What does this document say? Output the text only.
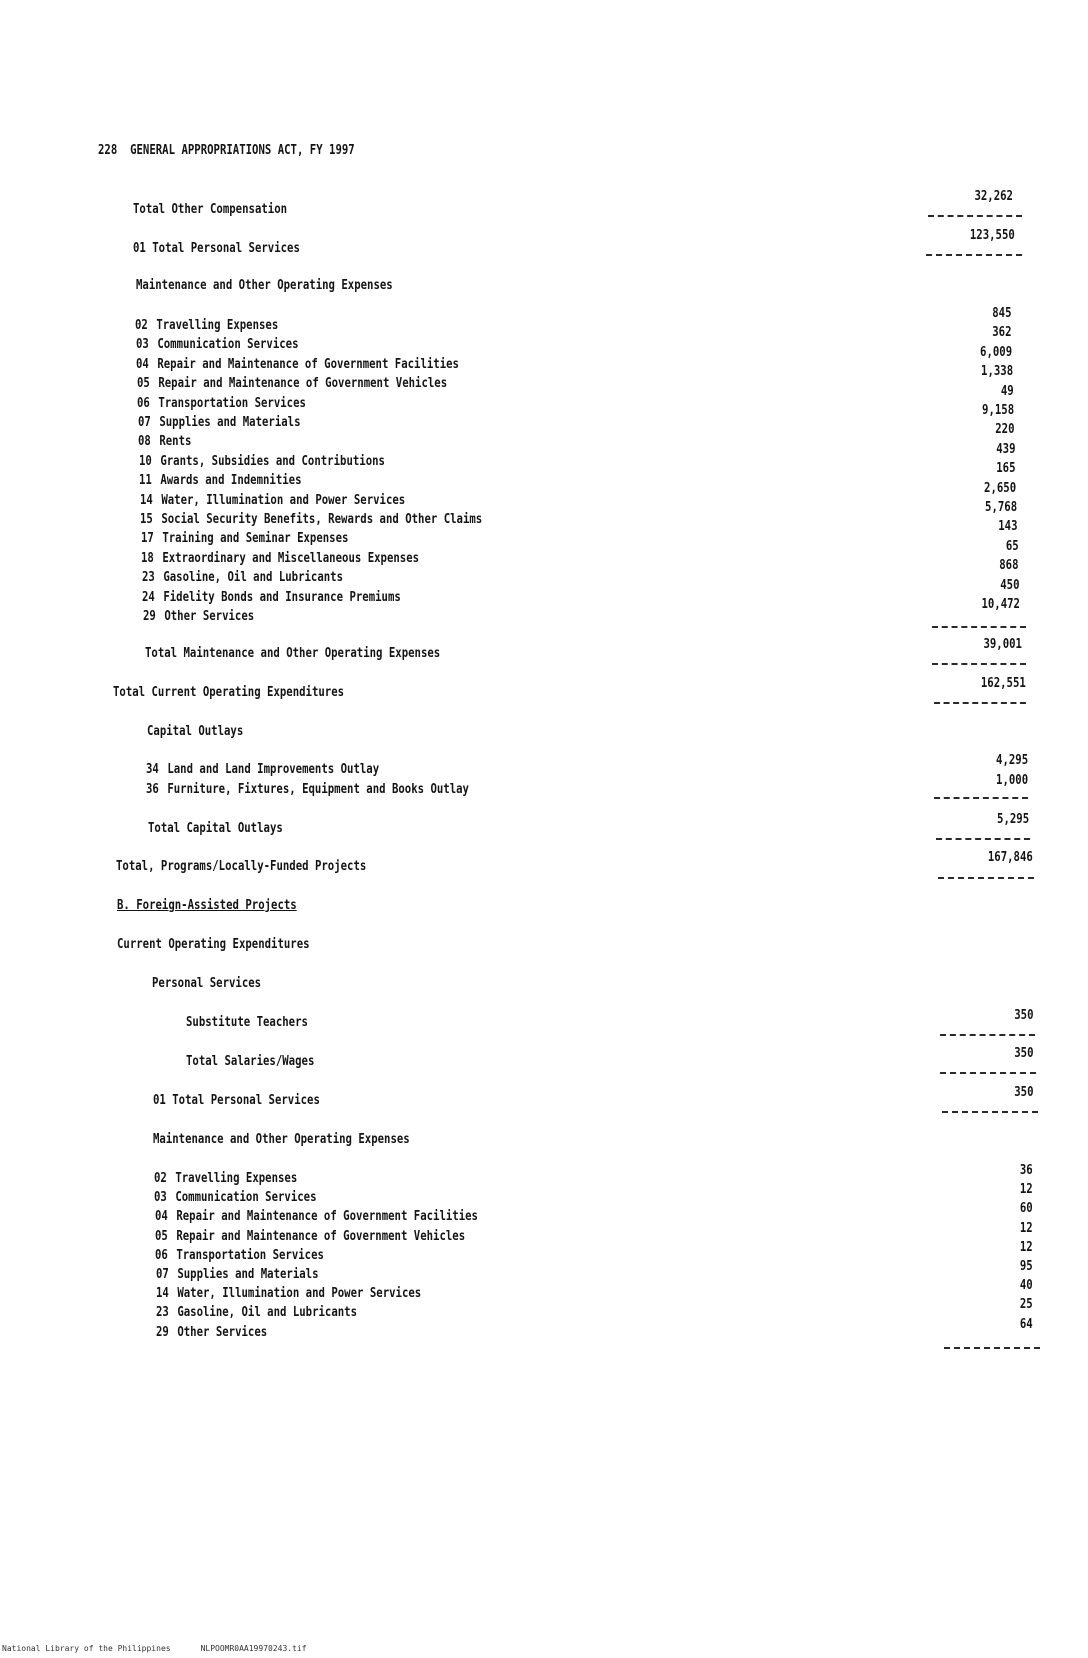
228 GENERAL APPROPRIATIONS ACT, FY 1997
Total Other Compensation
32,262
01 Total Personal Services
123,550
Maintenance and Other Operating Expenses
02 Travelling Expenses
03 Communication Services
04 Repair and Maintenance of Government Facilities
05 Repair and Maintenance of Government Vehicles
06 Transportation Services
07 Supplies and Materials
08 Rents
10 Grants, Subsidies and Contributions
11 Awards and Indemnities
14 Water, Illumination and Power Services
15 Social Security Benefits, Rewards and Other Claims
17 Training and Seminar Expenses
18 Extraordinary and Miscellaneous Expenses
23 Gasoline, Oil and Lubricants
24 Fidelity Bonds and Insurance Premiums
29 Other Services
845
362
6,009
1,338
49
9,158
220
439
165
2,650
5,768
143
65
868
450
10,472
Total Maintenance and Other Operating Expenses
39,001
Total Current Operating Expenditures
162,551
Capital Outlays
34 Land and Land Improvements Outlay
36 Furniture, Fixtures, Equipment and Books Outlay
4,295
1,000
Total Capital Outlays
5,295
Total, Programs/Locally-Funded Projects
167,846
B. Foreign-Assisted Projects
Current Operating Expenditures
Personal Services
Substitute Teachers	350
Total Salaries/Wages
350
01 Total Personal Services
350
Maintenance and Other Operating Expenses
02 Travelling Expenses
03 Communication Services
04 Repair and Maintenance of Government Facilities
05 Repair and Maintenance of Government Vehicles
06 Transportation Services
07 Supplies and Materials
14 Water, Illumination and Power Services
23 Gasoline, Oil and Lubricants
29 Other Services
36
12
60
12
12
95
40
25
64
National Library of the Philippines	NLPOOMR0AA19970243.tif
